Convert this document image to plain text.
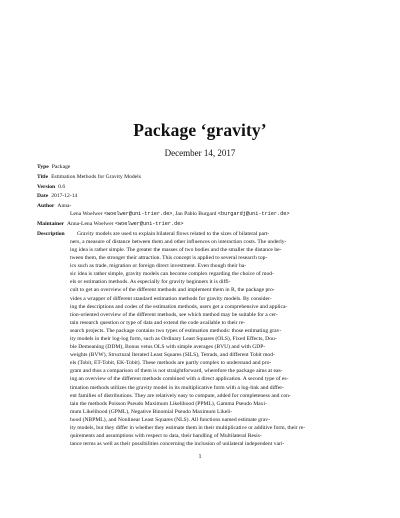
Package ‘gravity’
December 14, 2017
Type Package
Title Estimation Methods for Gravity Models
Version 0.6
Date 2017-12-14
Author Anna-
Lena Woelwer <woelwer@uni-trier.de>, Jan Pablo Burgard <burgardj@uni-trier.de>
Maintainer Anna-Lena Woelwer <woelwer@uni-trier.de>
Description	Gravity models are used to explain bilateral flows related to the sizes of bilateral part-
ners, a measure of distance between them and other influences on interaction costs. The underly-
ing idea is rather simple. The greater the masses of two bodies and the smaller the distance be-
tween them, the stronger their attraction. This concept is applied to several research top-
ics such as trade, migration or foreign direct investment. Even though their ba-
sic idea is rather simple, gravity models can become complex regarding the choice of mod-
els or estimation methods. As especially for gravity beginners it is diffi-
cult to get an overview of the different methods and implement them in R, the package pro-
vides a wrapper of different standard estimation methods for gravity models. By consider-
ing the descriptions and codes of the estimation methods, users get a comprehensive and applica-
tion-oriented overview of the different methods, see which method may be suitable for a cer-
tain research question or type of data and extend the code available to their re-
search projects. The package contains two types of estimation methods: those estimating grav-
ity models in their log-log form, such as Ordinary Least Squares (OLS), Fixed Effects, Dou-
ble Demeaning (DDM), Bonus vetus OLS with simple averages (BVU) and with GDP-
weights (BVW), Structural Iterated Least Squares (SILS), Tetrads, and different Tobit mod-
els (Tobit, ET-Tobit, EK-Tobit). These methods are partly complex to understand and pro-
gram and thus a comparison of them is not straightforward, wherefore the package aims at eas-
ing an overview of the different methods combined with a direct application. A second type of es-
timation methods utilizes the gravity model in its multiplicative form with a log-link and differ-
ent families of distributions. They are relatively easy to compute, added for completeness and con-
tain the methods Poisson Pseudo Maximum Likelihood (PPML), Gamma Pseudo Maxi-
mum Likelihood (GPML), Negative Binomial Pseudo Maximum Likeli-
hood (NBPML), and Nonlinear Least Squares (NLS). All functions named estimate grav-
ity models, but they differ in whether they estimate them in their multiplicative or additive form, their re-
quirements and assumptions with respect to data, their handling of Multilateral Resis-
tance terms as well as their possibilities concerning the inclusion of unilateral independent vari-
1
